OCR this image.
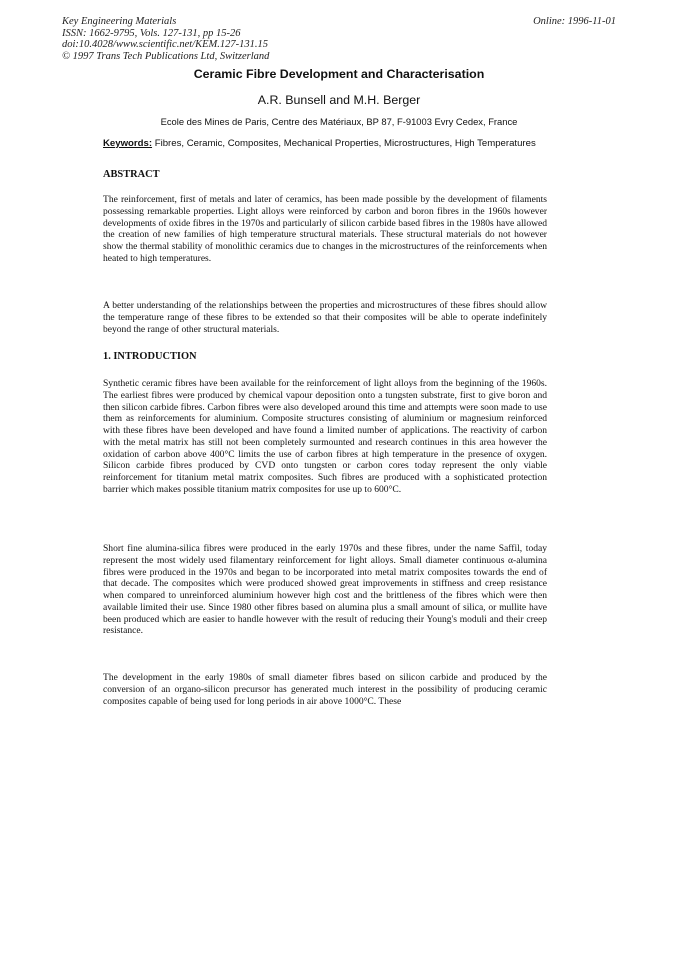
Key Engineering Materials
ISSN: 1662-9795, Vols. 127-131, pp 15-26
doi:10.4028/www.scientific.net/KEM.127-131.15
© 1997 Trans Tech Publications Ltd, Switzerland
Online: 1996-11-01
Ceramic Fibre Development and Characterisation
A.R. Bunsell and M.H. Berger
Ecole des Mines de Paris, Centre des Matériaux, BP 87, F-91003 Evry Cedex, France
Keywords: Fibres, Ceramic, Composites, Mechanical Properties, Microstructures, High Temperatures
ABSTRACT
The reinforcement, first of metals and later of ceramics, has been made possible by the development of filaments possessing remarkable properties. Light alloys were reinforced by carbon and boron fibres in the 1960s however developments of oxide fibres in the 1970s and particularly of silicon carbide based fibres in the 1980s have allowed the creation of new families of high temperature structural materials. These structural materials do not however show the thermal stability of monolithic ceramics due to changes in the microstructures of the reinforcements when heated to high temperatures.
A better understanding of the relationships between the properties and microstructures of these fibres should allow the temperature range of these fibres to be extended so that their composites will be able to operate indefinitely beyond the range of other structural materials.
1. INTRODUCTION
Synthetic ceramic fibres have been available for the reinforcement of light alloys from the beginning of the 1960s. The earliest fibres were produced by chemical vapour deposition onto a tungsten substrate, first to give boron and then silicon carbide fibres. Carbon fibres were also developed around this time and attempts were soon made to use them as reinforcements for aluminium. Composite structures consisting of aluminium or magnesium reinforced with these fibres have been developed and have found a limited number of applications. The reactivity of carbon with the metal matrix has still not been completely surmounted and research continues in this area however the oxidation of carbon above 400°C limits the use of carbon fibres at high temperature in the presence of oxygen. Silicon carbide fibres produced by CVD onto tungsten or carbon cores today represent the only viable reinforcement for titanium metal matrix composites. Such fibres are produced with a sophisticated protection barrier which makes possible titanium matrix composites for use up to 600°C.
Short fine alumina-silica fibres were produced in the early 1970s and these fibres, under the name Saffil, today represent the most widely used filamentary reinforcement for light alloys. Small diameter continuous α-alumina fibres were produced in the 1970s and began to be incorporated into metal matrix composites towards the end of that decade. The composites which were produced showed great improvements in stiffness and creep resistance when compared to unreinforced aluminium however high cost and the brittleness of the fibres which were then available limited their use. Since 1980 other fibres based on alumina plus a small amount of silica, or mullite have been produced which are easier to handle however with the result of reducing their Young's moduli and their creep resistance.
The development in the early 1980s of small diameter fibres based on silicon carbide and produced by the conversion of an organo-silicon precursor has generated much interest in the possibility of producing ceramic composites capable of being used for long periods in air above 1000°C. These
